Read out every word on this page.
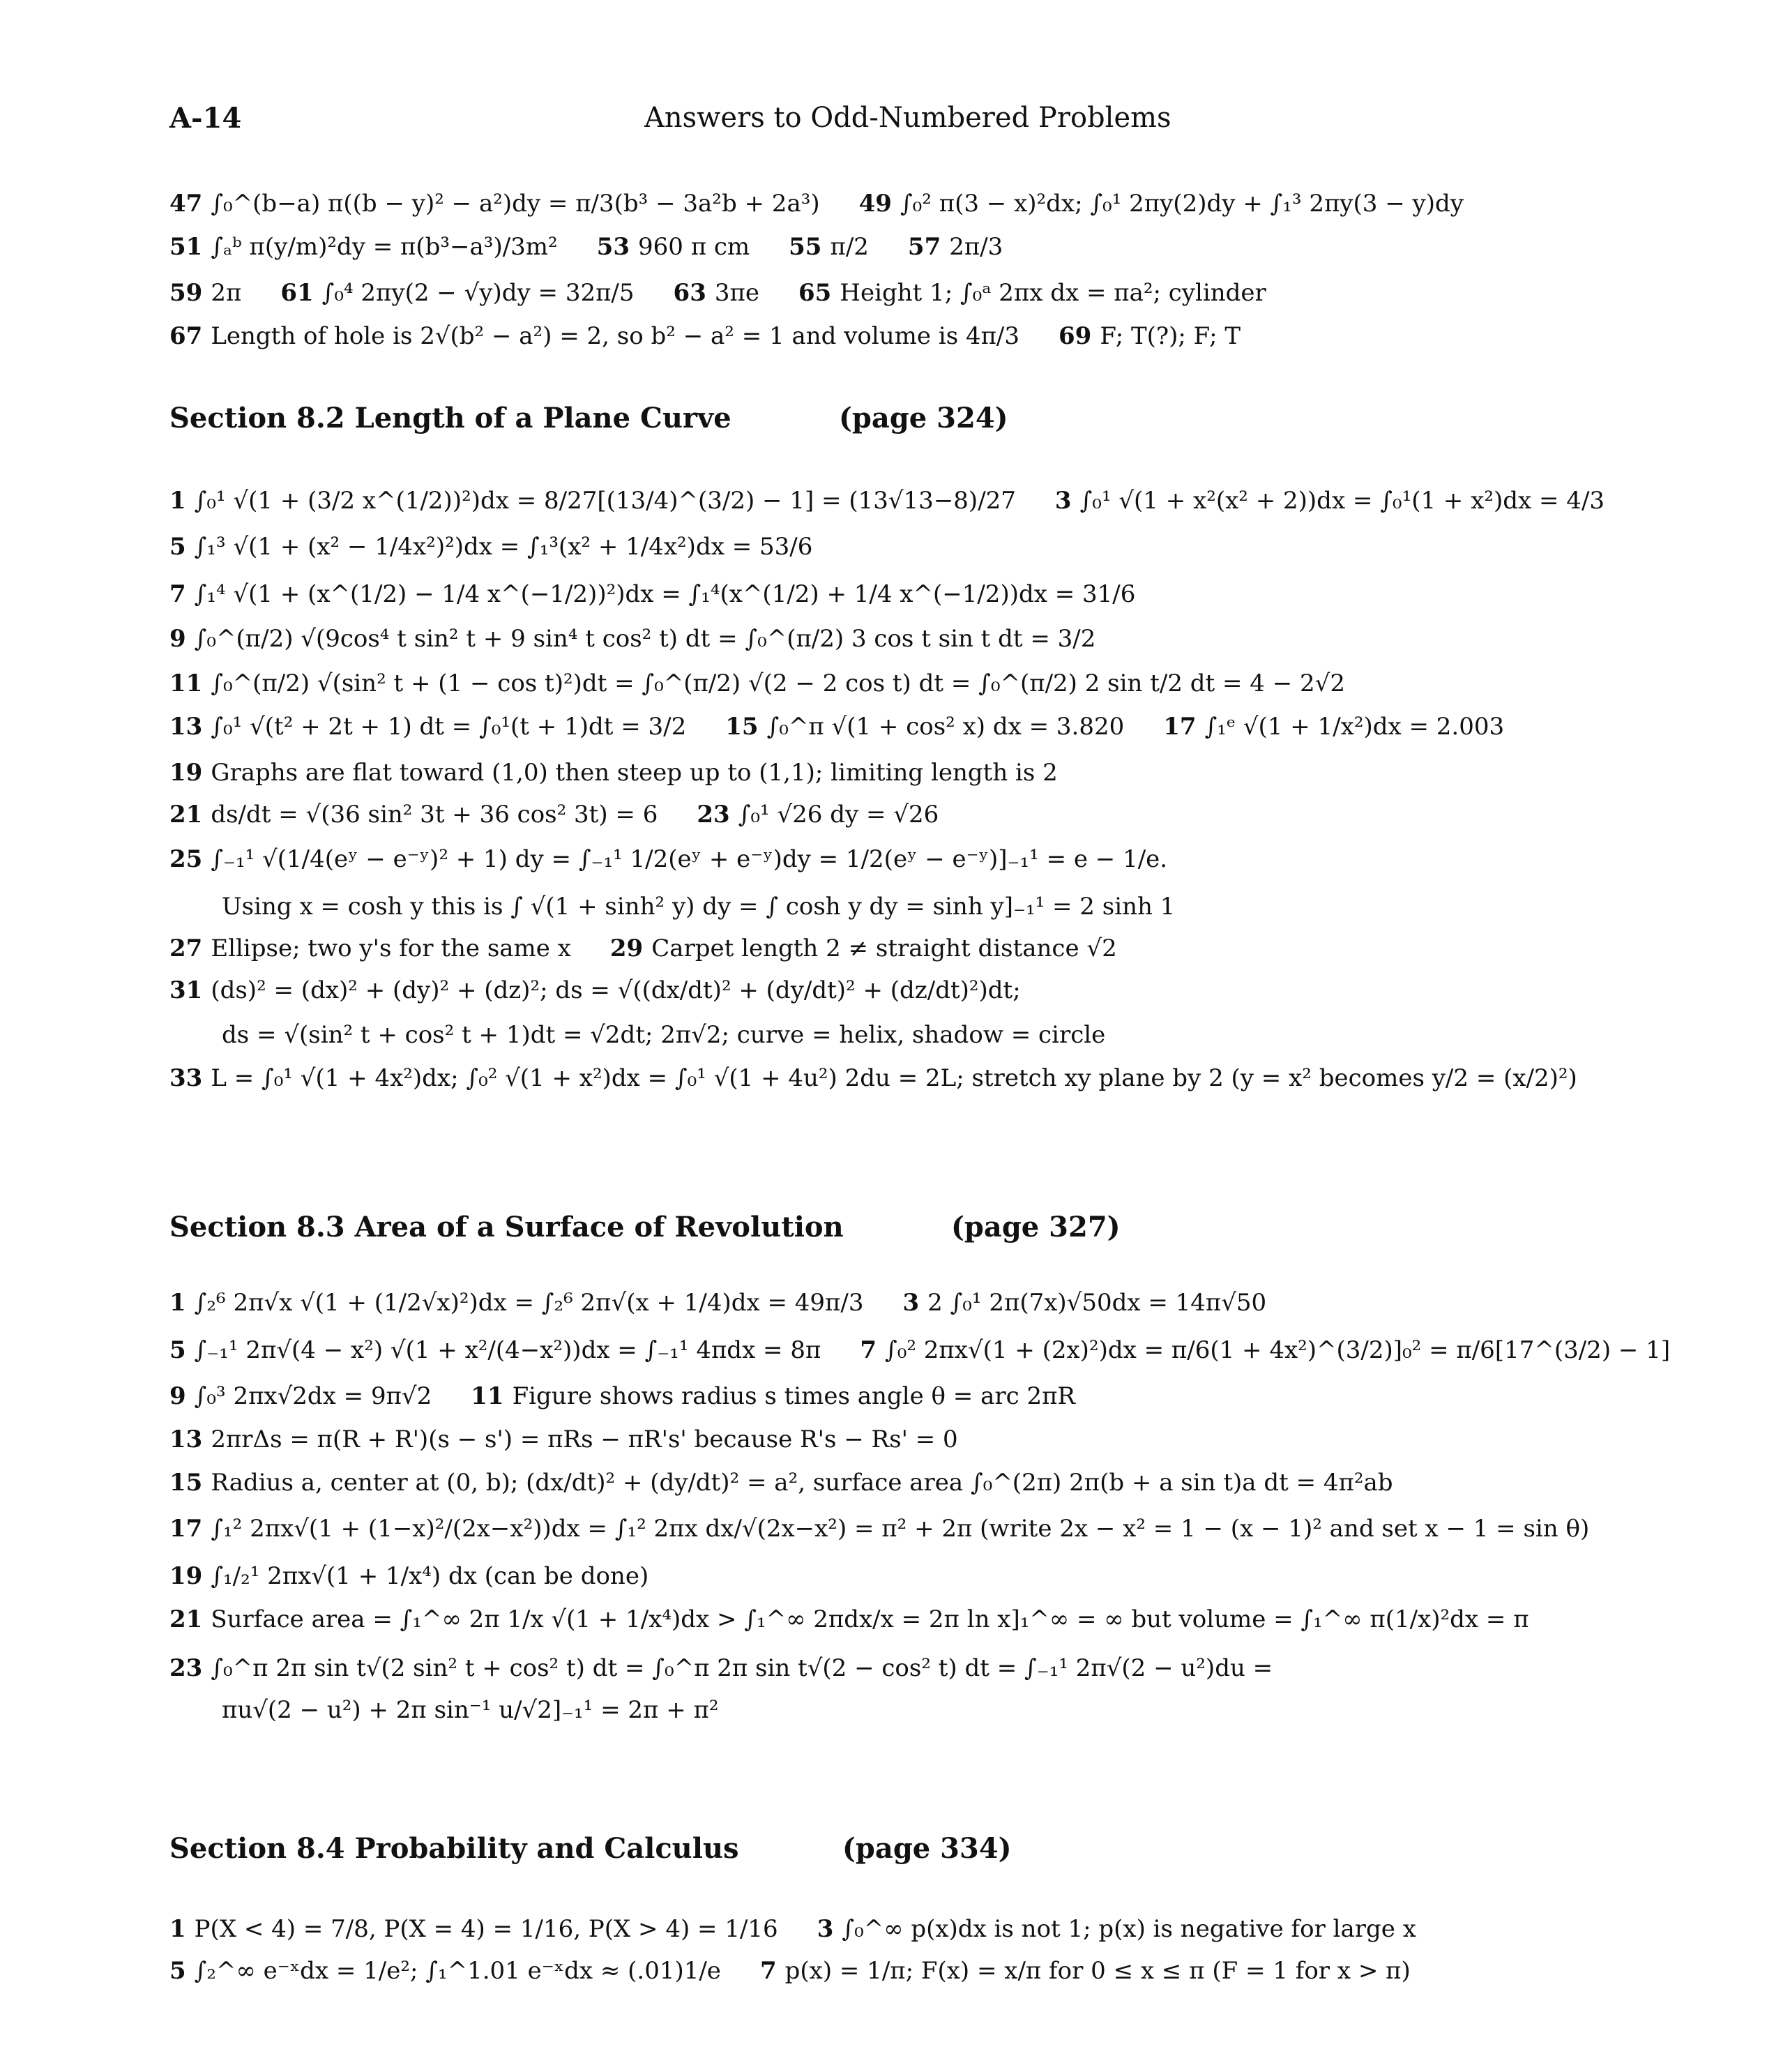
A-14	Answers to Odd-Numbered Problems
47 ∫₀^(b−a) π((b − y)² − a²)dy = π/3(b³ − 3a²b + 2a³) 49 ∫₀² π(3 − x)²dx; ∫₀¹ 2πy(2)dy + ∫₁³ 2πy(3 − y)dy
51 ∫ₐᵇ π(y/m)²dy = π(b³−a³)/3m² 53 960 π cm 55 π/2 57 2π/3
59 2π 61 ∫₀⁴ 2πy(2 − √y)dy = 32π/5 63 3πe 65 Height 1; ∫₀ᵃ 2πx dx = πa²; cylinder
67 Length of hole is 2√(b² − a²) = 2, so b² − a² = 1 and volume is 4π/3 69 F; T(?); F; T
Section 8.2 Length of a Plane Curve	(page 324)
1 ∫₀¹ √(1 + (3/2 x^(1/2))²)dx = 8/27[(13/4)^(3/2) − 1] = (13√13−8)/27 3 ∫₀¹ √(1 + x²(x² + 2))dx = ∫₀¹(1 + x²)dx = 4/3
5 ∫₁³ √(1 + (x² − 1/4x²)²)dx = ∫₁³(x² + 1/4x²)dx = 53/6
7 ∫₁⁴ √(1 + (x^(1/2) − 1/4 x^(−1/2))²)dx = ∫₁⁴(x^(1/2) + 1/4 x^(−1/2))dx = 31/6
9 ∫₀^(π/2) √(9cos⁴ t sin² t + 9 sin⁴ t cos² t) dt = ∫₀^(π/2) 3 cos t sin t dt = 3/2
11 ∫₀^(π/2) √(sin² t + (1 − cos t)²)dt = ∫₀^(π/2) √(2 − 2 cos t) dt = ∫₀^(π/2) 2 sin t/2 dt = 4 − 2√2
13 ∫₀¹ √(t² + 2t + 1) dt = ∫₀¹(t + 1)dt = 3/2 15 ∫₀^π √(1 + cos² x) dx = 3.820 17 ∫₁ᵉ √(1 + 1/x²)dx = 2.003
19 Graphs are flat toward (1,0) then steep up to (1,1); limiting length is 2
21 ds/dt = √(36 sin² 3t + 36 cos² 3t) = 6 23 ∫₀¹ √26 dy = √26
25 ∫₋₁¹ √(1/4(eʸ − e⁻ʸ)² + 1) dy = ∫₋₁¹ 1/2(eʸ + e⁻ʸ)dy = 1/2(eʸ − e⁻ʸ)]₋₁¹ = e − 1/e.
Using x = cosh y this is ∫ √(1 + sinh² y) dy = ∫ cosh y dy = sinh y]₋₁¹ = 2 sinh 1
27 Ellipse; two y's for the same x 29 Carpet length 2 ≠ straight distance √2
31 (ds)² = (dx)² + (dy)² + (dz)²; ds = √((dx/dt)² + (dy/dt)² + (dz/dt)²)dt;
ds = √(sin² t + cos² t + 1)dt = √2dt; 2π√2; curve = helix, shadow = circle
33 L = ∫₀¹ √(1 + 4x²)dx; ∫₀² √(1 + x²)dx = ∫₀¹ √(1 + 4u²) 2du = 2L; stretch xy plane by 2 (y = x² becomes y/2 = (x/2)²)
Section 8.3 Area of a Surface of Revolution	(page 327)
1 ∫₂⁶ 2π√x √(1 + (1/2√x)²)dx = ∫₂⁶ 2π√(x + 1/4)dx = 49π/3 3 2 ∫₀¹ 2π(7x)√50dx = 14π√50
5 ∫₋₁¹ 2π√(4 − x²) √(1 + x²/(4−x²))dx = ∫₋₁¹ 4πdx = 8π 7 ∫₀² 2πx√(1 + (2x)²)dx = π/6(1 + 4x²)^(3/2)]₀² = π/6[17^(3/2) − 1]
9 ∫₀³ 2πx√2dx = 9π√2 11 Figure shows radius s times angle θ = arc 2πR
13 2πrΔs = π(R + R')(s − s') = πRs − πR's' because R's − Rs' = 0
15 Radius a, center at (0, b); (dx/dt)² + (dy/dt)² = a², surface area ∫₀^(2π) 2π(b + a sin t)a dt = 4π²ab
17 ∫₁² 2πx√(1 + (1−x)²/(2x−x²))dx = ∫₁² 2πx dx/√(2x−x²) = π² + 2π (write 2x − x² = 1 − (x − 1)² and set x − 1 = sin θ)
19 ∫₁/₂¹ 2πx√(1 + 1/x⁴) dx (can be done)
21 Surface area = ∫₁^∞ 2π 1/x √(1 + 1/x⁴)dx > ∫₁^∞ 2πdx/x = 2π ln x]₁^∞ = ∞ but volume = ∫₁^∞ π(1/x)²dx = π
23 ∫₀^π 2π sin t√(2 sin² t + cos² t) dt = ∫₀^π 2π sin t√(2 − cos² t) dt = ∫₋₁¹ 2π√(2 − u²)du =
πu√(2 − u²) + 2π sin⁻¹ u/√2]₋₁¹ = 2π + π²
Section 8.4 Probability and Calculus	(page 334)
1 P(X < 4) = 7/8, P(X = 4) = 1/16, P(X > 4) = 1/16 3 ∫₀^∞ p(x)dx is not 1; p(x) is negative for large x
5 ∫₂^∞ e⁻ˣdx = 1/e²; ∫₁^1.01 e⁻ˣdx ≈ (.01)1/e 7 p(x) = 1/π; F(x) = x/π for 0 ≤ x ≤ π (F = 1 for x > π)
